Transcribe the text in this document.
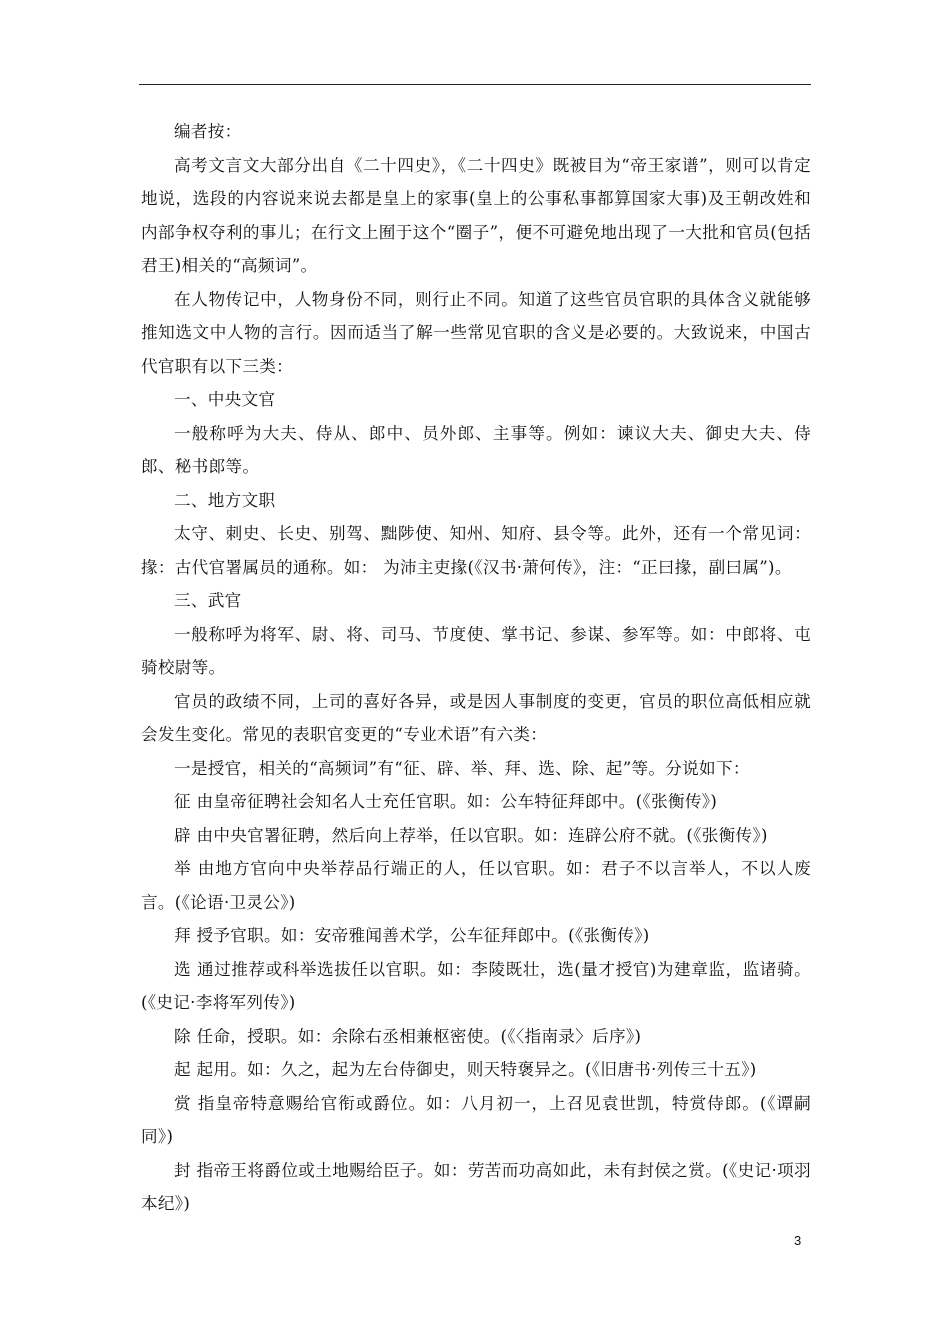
编者按：

高考文言文大部分出自《二十四史》，《二十四史》既被目为“帝王家谱”，则可以肯定地说，选段的内容说来说去都是皇上的家事(皇上的公事私事都算国家大事)及王朝改姓和内部争权夺利的事儿；在行文上囿于这个“圈子”，便不可避免地出现了一大批和官员(包括君王)相关的“高频词”。

在人物传记中，人物身份不同，则行止不同。知道了这些官员官职的具体含义就能够推知选文中人物的言行。因而适当了解一些常见官职的含义是必要的。大致说来，中国古代官职有以下三类：

一、中央文官

一般称呼为大夫、侍从、郎中、员外郎、主事等。例如：谏议大夫、御史大夫、侍郎、秘书郎等。

二、地方文职

太守、刺史、长史、别驾、黜陟使、知州、知府、县令等。此外，还有一个常见词：掾：古代官署属员的通称。如： 为沛主吏掾(《汉书·萧何传》，注：“正曰掾，副曰属”)。

三、武官

一般称呼为将军、尉、将、司马、节度使、掌书记、参谋、参军等。如：中郎将、屯骑校尉等。

官员的政绩不同，上司的喜好各异，或是因人事制度的变更，官员的职位高低相应就会发生变化。常见的表职官变更的“专业术语”有六类：

一是授官，相关的“高频词”有“征、辟、举、拜、选、除、起”等。分说如下：

征 由皇帝征聘社会知名人士充任官职。如：公车特征拜郎中。(《张衡传》)

辟 由中央官署征聘，然后向上荐举，任以官职。如：连辟公府不就。(《张衡传》)

举 由地方官向中央举荐品行端正的人，任以官职。如：君子不以言举人，不以人废言。(《论语·卫灵公》)

拜 授予官职。如：安帝雅闻善术学，公车征拜郎中。(《张衡传》)

选 通过推荐或科举选拔任以官职。如：李陵既壮，选(量才授官)为建章监，监诸骑。(《史记·李将军列传》)

除 任命，授职。如：余除右丞相兼枢密使。(《〈指南录〉后序》)

起 起用。如：久之，起为左台侍御史，则天特褒异之。(《旧唐书·列传三十五》)

赏 指皇帝特意赐给官衔或爵位。如：八月初一，上召见袁世凯，特赏侍郎。(《谭嗣同》)

封 指帝王将爵位或土地赐给臣子。如：劳苦而功高如此，未有封侯之赏。(《史记·项羽本纪》)

3
